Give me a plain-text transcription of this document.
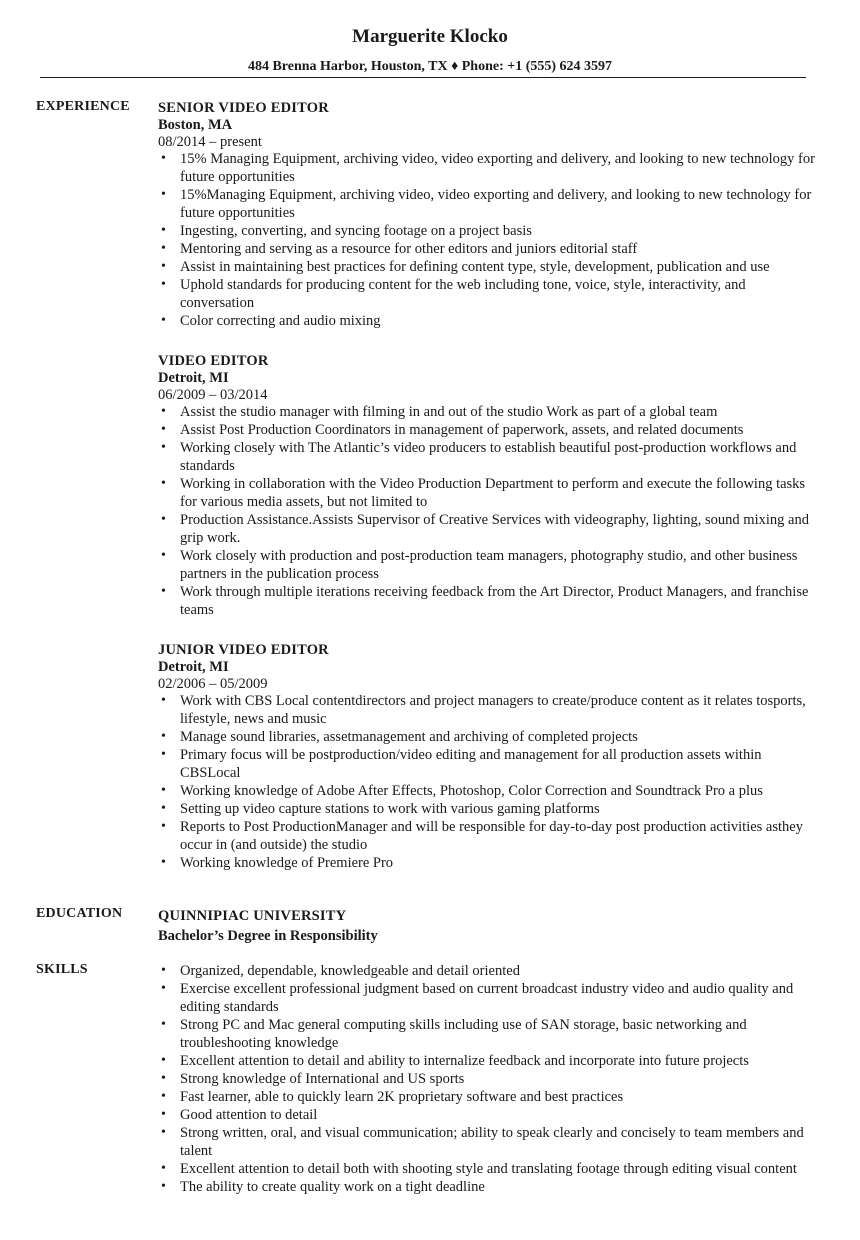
Marguerite Klocko
484 Brenna Harbor, Houston, TX ♦ Phone: +1 (555) 624 3597
EXPERIENCE SENIOR VIDEO EDITOR
Boston, MA
08/2014 – present
• 15% Managing Equipment, archiving video, video exporting and delivery, and looking to new technology for future opportunities
• 15%Managing Equipment, archiving video, video exporting and delivery, and looking to new technology for future opportunities
• Ingesting, converting, and syncing footage on a project basis
• Mentoring and serving as a resource for other editors and juniors editorial staff
• Assist in maintaining best practices for defining content type, style, development, publication and use
• Uphold standards for producing content for the web including tone, voice, style, interactivity, and conversation
• Color correcting and audio mixing
VIDEO EDITOR
Detroit, MI
06/2009 – 03/2014
• Assist the studio manager with filming in and out of the studio Work as part of a global team
• Assist Post Production Coordinators in management of paperwork, assets, and related documents
• Working closely with The Atlantic’s video producers to establish beautiful post-production workflows and standards
• Working in collaboration with the Video Production Department to perform and execute the following tasks for various media assets, but not limited to
• Production Assistance.Assists Supervisor of Creative Services with videography, lighting, sound mixing and grip work.
• Work closely with production and post-production team managers, photography studio, and other business partners in the publication process
• Work through multiple iterations receiving feedback from the Art Director, Product Managers, and franchise teams
JUNIOR VIDEO EDITOR
Detroit, MI
02/2006 – 05/2009
• Work with CBS Local contentdirectors and project managers to create/produce content as it relates tosports, lifestyle, news and music
• Manage sound libraries, assetmanagement and archiving of completed projects
• Primary focus will be postproduction/video editing and management for all production assets within CBSLocal
• Working knowledge of Adobe After Effects, Photoshop, Color Correction and Soundtrack Pro a plus
• Setting up video capture stations to work with various gaming platforms
• Reports to Post ProductionManager and will be responsible for day-to-day post production activities asthey occur in (and outside) the studio
• Working knowledge of Premiere Pro
EDUCATION QUINNIPIAC UNIVERSITY
Bachelor’s Degree in Responsibility
SKILLS	• Organized, dependable, knowledgeable and detail oriented
• Exercise excellent professional judgment based on current broadcast industry video and audio quality and editing standards
• Strong PC and Mac general computing skills including use of SAN storage, basic networking and troubleshooting knowledge
• Excellent attention to detail and ability to internalize feedback and incorporate into future projects
• Strong knowledge of International and US sports
• Fast learner, able to quickly learn 2K proprietary software and best practices
• Good attention to detail
• Strong written, oral, and visual communication; ability to speak clearly and concisely to team members and talent
• Excellent attention to detail both with shooting style and translating footage through editing visual content
• The ability to create quality work on a tight deadline
